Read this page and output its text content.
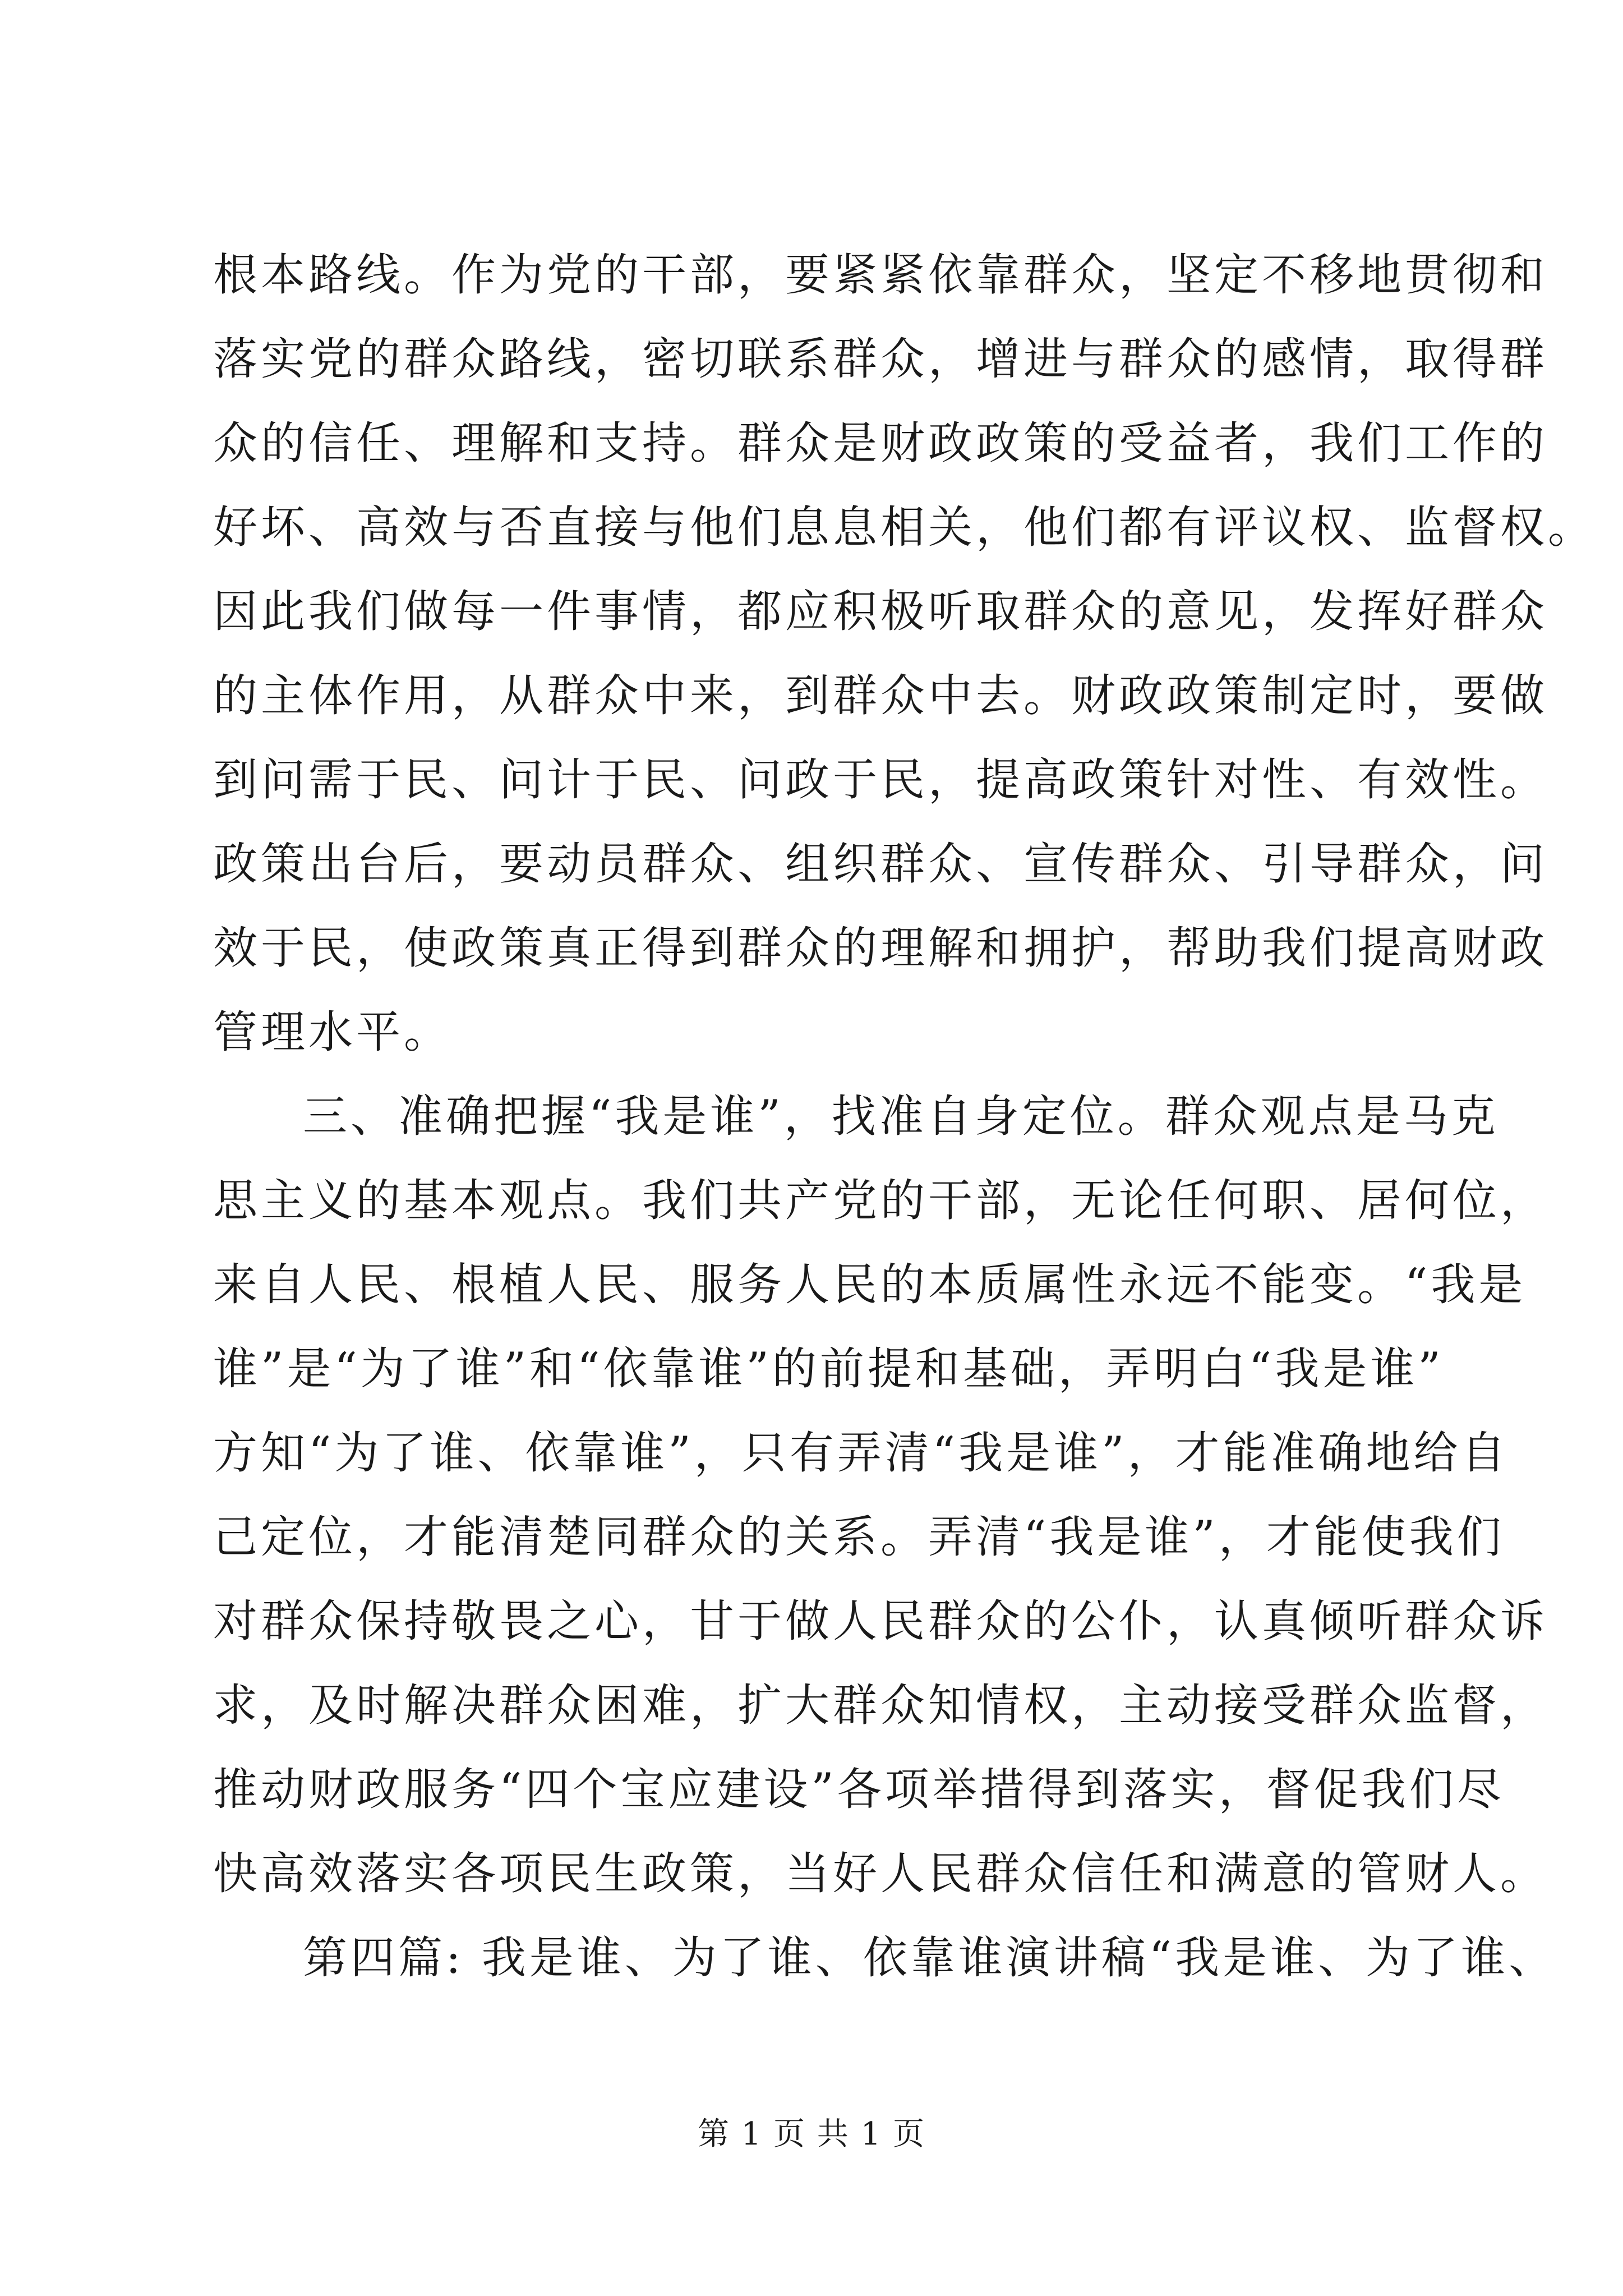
根本路线。作为党的干部，要紧紧依靠群众，坚定不移地贯彻和
落实党的群众路线，密切联系群众，增进与群众的感情，取得群
众的信任、理解和支持。群众是财政政策的受益者，我们工作的
好坏、高效与否直接与他们息息相关，他们都有评议权、监督权。
因此我们做每一件事情，都应积极听取群众的意见，发挥好群众
的主体作用，从群众中来，到群众中去。财政政策制定时，要做
到问需于民、问计于民、问政于民，提高政策针对性、有效性。
政策出台后，要动员群众、组织群众、宣传群众、引导群众，问
效于民，使政策真正得到群众的理解和拥护，帮助我们提高财政
管理水平。
三、准确把握“我是谁”，找准自身定位。群众观点是马克
思主义的基本观点。我们共产党的干部，无论任何职、居何位，
来自人民、根植人民、服务人民的本质属性永远不能变。“我是
谁”是“为了谁”和“依靠谁”的前提和基础，弄明白“我是谁”
方知“为了谁、依靠谁”，只有弄清“我是谁”，才能准确地给自
己定位，才能清楚同群众的关系。弄清“我是谁”，才能使我们
对群众保持敬畏之心，甘于做人民群众的公仆，认真倾听群众诉
求，及时解决群众困难，扩大群众知情权，主动接受群众监督，
推动财政服务“四个宝应建设”各项举措得到落实，督促我们尽
快高效落实各项民生政策，当好人民群众信任和满意的管财人。
第四篇: 我是谁、为了谁、依靠谁演讲稿“我是谁、为了谁、
第 1 页 共 1 页
